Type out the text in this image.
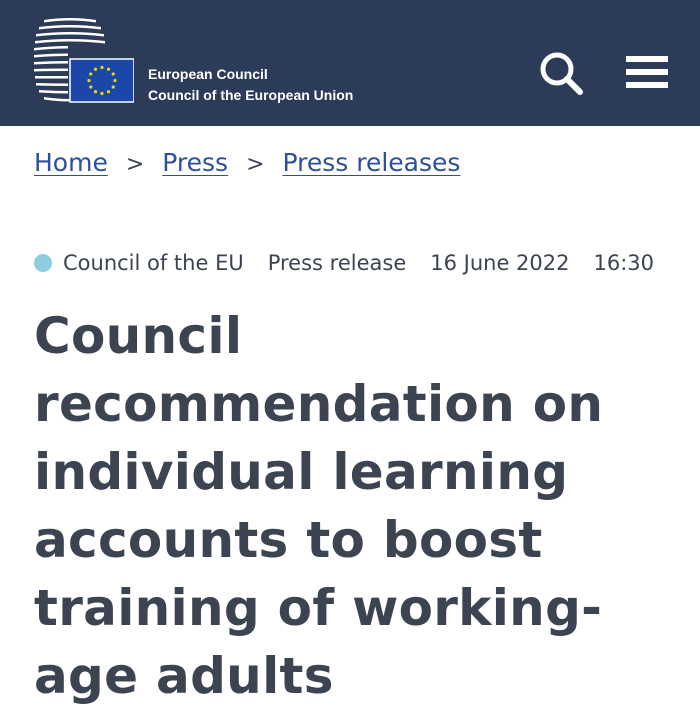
European Council
Council of the European Union
Home > Press > Press releases
Council of the EU Press release 16 June 2022 16:30
Council recommendation on individual learning accounts to boost training of working-age adults
